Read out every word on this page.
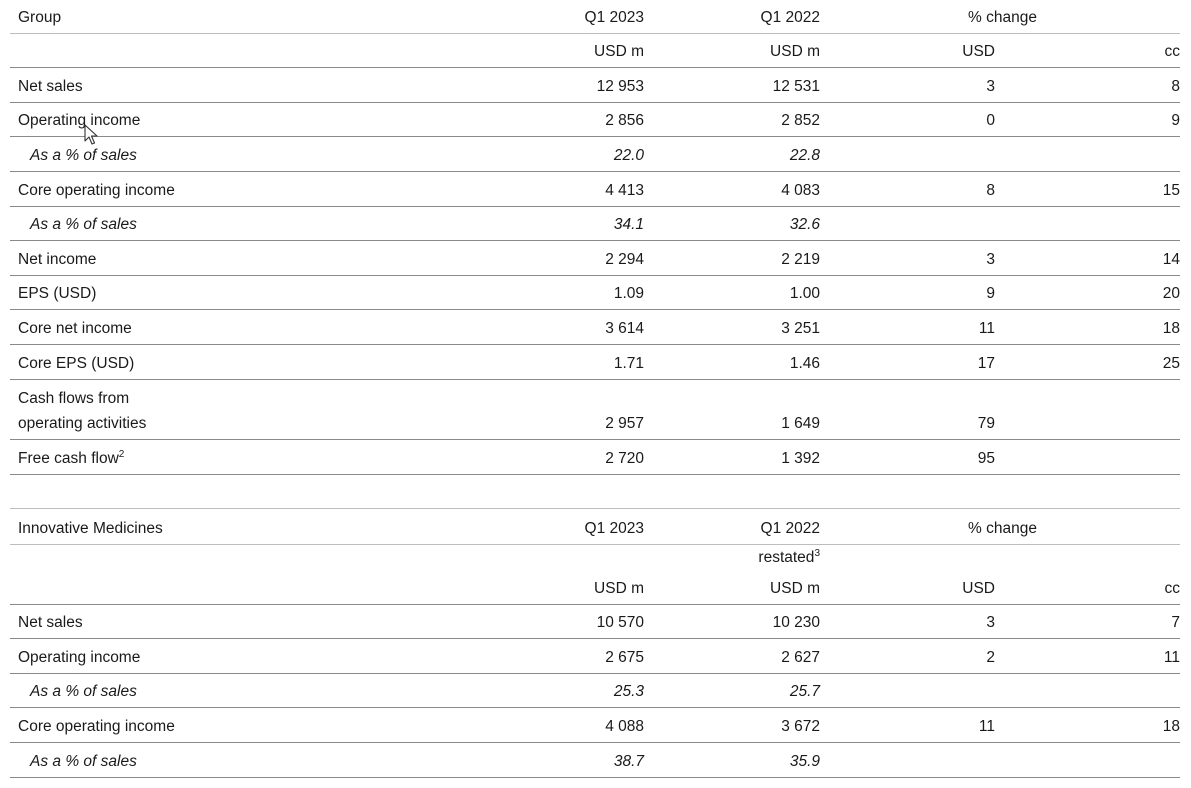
Group	Q1 2023	Q1 2022	% change
USD m	USD m	USD	cc
Net sales	12 953	12 531	3	8
Operating income	2 856	2 852	0	9
As a % of sales	22.0	22.8
Core operating income	4 413	4 083	8	15
As a % of sales	34.1	32.6
Net income	2 294	2 219	3	14
EPS (USD)	1.09	1.00	9	20
Core net income	3 614	3 251	11	18
Core EPS (USD)	1.71	1.46	17	25
Cash flows from
operating activities	2 957	1 649	79
Free cash flow$^2$	2 720	1 392	95
Innovative Medicines	Q1 2023	Q1 2022	% change
restated$^3$
USD m	USD m	USD	cc
Net sales	10 570	10 230	3	7
Operating income	2 675	2 627	2	11
As a % of sales	25.3	25.7
Core operating income	4 088	3 672	11	18
As a % of sales	38.7	35.9
